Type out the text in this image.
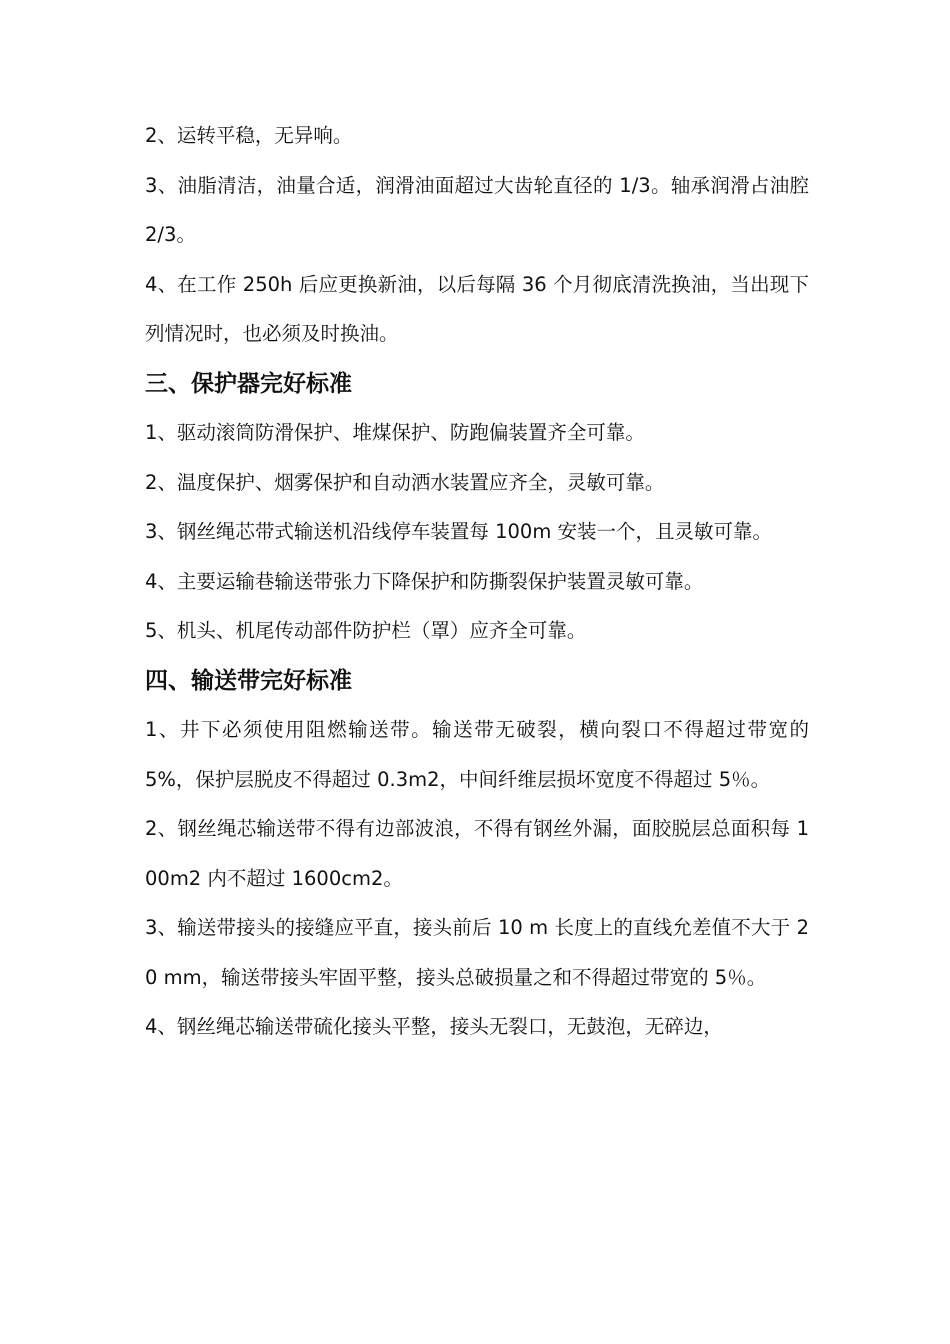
2、运转平稳，无异响。

3、油脂清洁，油量合适，润滑油面超过大齿轮直径的 1/3。轴承润滑占油腔 2/3。

4、在工作 250h 后应更换新油，以后每隔 36 个月彻底清洗换油，当出现下列情况时，也必须及时换油。

三、保护器完好标准

1、驱动滚筒防滑保护、堆煤保护、防跑偏装置齐全可靠。

2、温度保护、烟雾保护和自动洒水装置应齐全，灵敏可靠。

3、钢丝绳芯带式输送机沿线停车装置每 100m 安装一个，且灵敏可靠。

4、主要运输巷输送带张力下降保护和防撕裂保护装置灵敏可靠。

5、机头、机尾传动部件防护栏（罩）应齐全可靠。

四、输送带完好标准

1、井下必须使用阻燃输送带。输送带无破裂，横向裂口不得超过带宽的 5%，保护层脱皮不得超过 0.3m2，中间纤维层损坏宽度不得超过 5％。

2、钢丝绳芯输送带不得有边部波浪，不得有钢丝外漏，面胶脱层总面积每 100m2 内不超过 1600cm2。

3、输送带接头的接缝应平直，接头前后 10 m 长度上的直线允差值不大于 20 mm，输送带接头牢固平整，接头总破损量之和不得超过带宽的 5％。

4、钢丝绳芯输送带硫化接头平整，接头无裂口，无鼓泡，无碎边，
